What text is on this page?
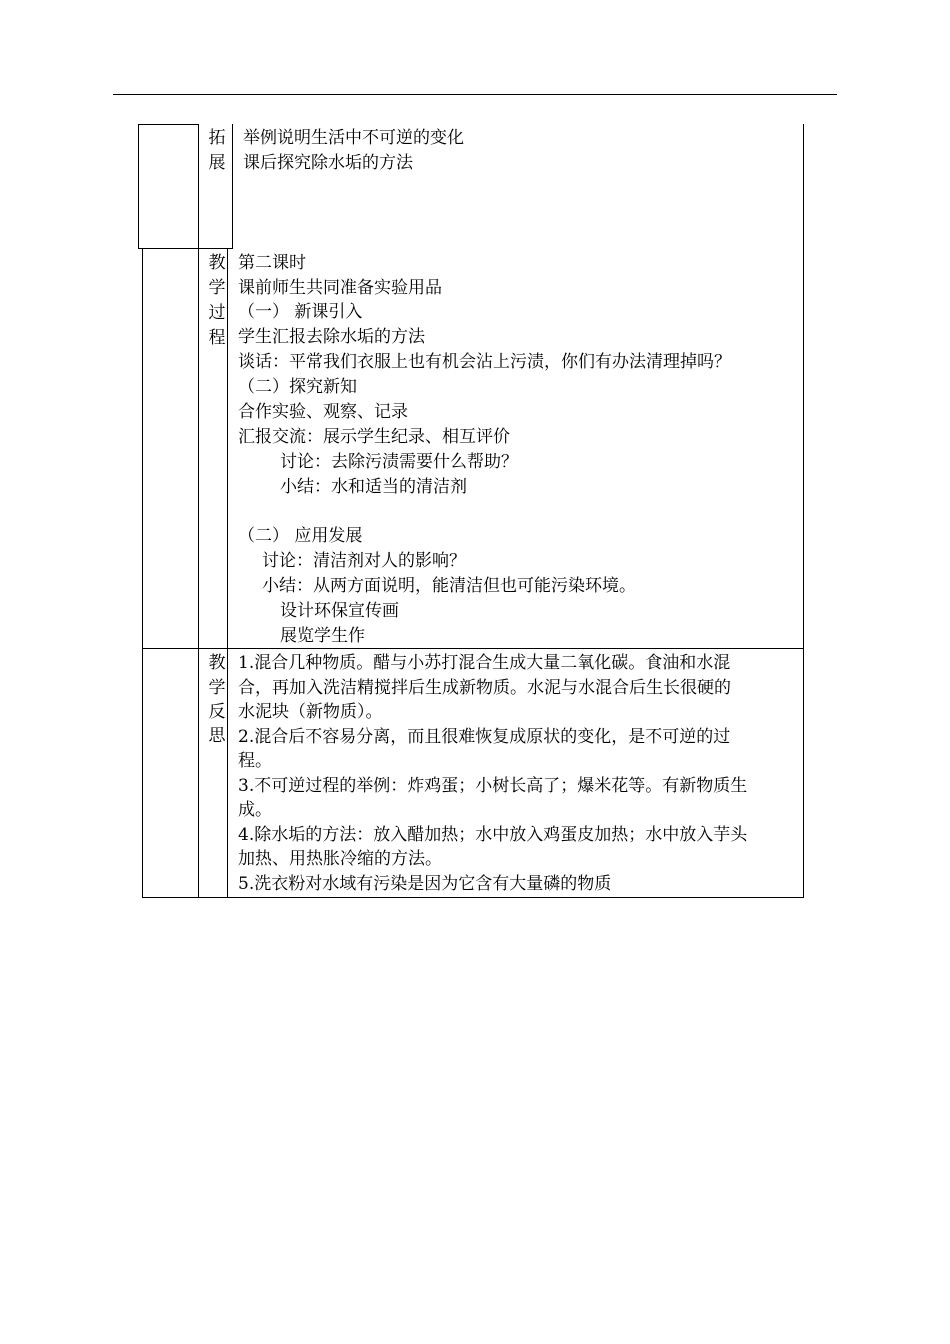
拓
展
举例说明生活中不可逆的变化
课后探究除水垢的方法
教
学
过
程
第二课时
课前师生共同准备实验用品
（一） 新课引入
学生汇报去除水垢的方法
谈话：平常我们衣服上也有机会沾上污渍，你们有办法清理掉吗？
（二）探究新知
合作实验、观察、记录
汇报交流：展示学生纪录、相互评价
讨论：去除污渍需要什么帮助？
小结：水和适当的清洁剂
（二） 应用发展
讨论：清洁剂对人的影响？
小结：从两方面说明，能清洁但也可能污染环境。
设计环保宣传画
展览学生作
教
学
反
思
1.混合几种物质。醋与小苏打混合生成大量二氧化碳。食油和水混
合，再加入洗洁精搅拌后生成新物质。水泥与水混合后生长很硬的
水泥块（新物质）。
2.混合后不容易分离，而且很难恢复成原状的变化，是不可逆的过
程。
3.不可逆过程的举例：炸鸡蛋；小树长高了；爆米花等。有新物质生
成。
4.除水垢的方法：放入醋加热；水中放入鸡蛋皮加热；水中放入芋头
加热、用热胀冷缩的方法。
5.洗衣粉对水域有污染是因为它含有大量磷的物质
